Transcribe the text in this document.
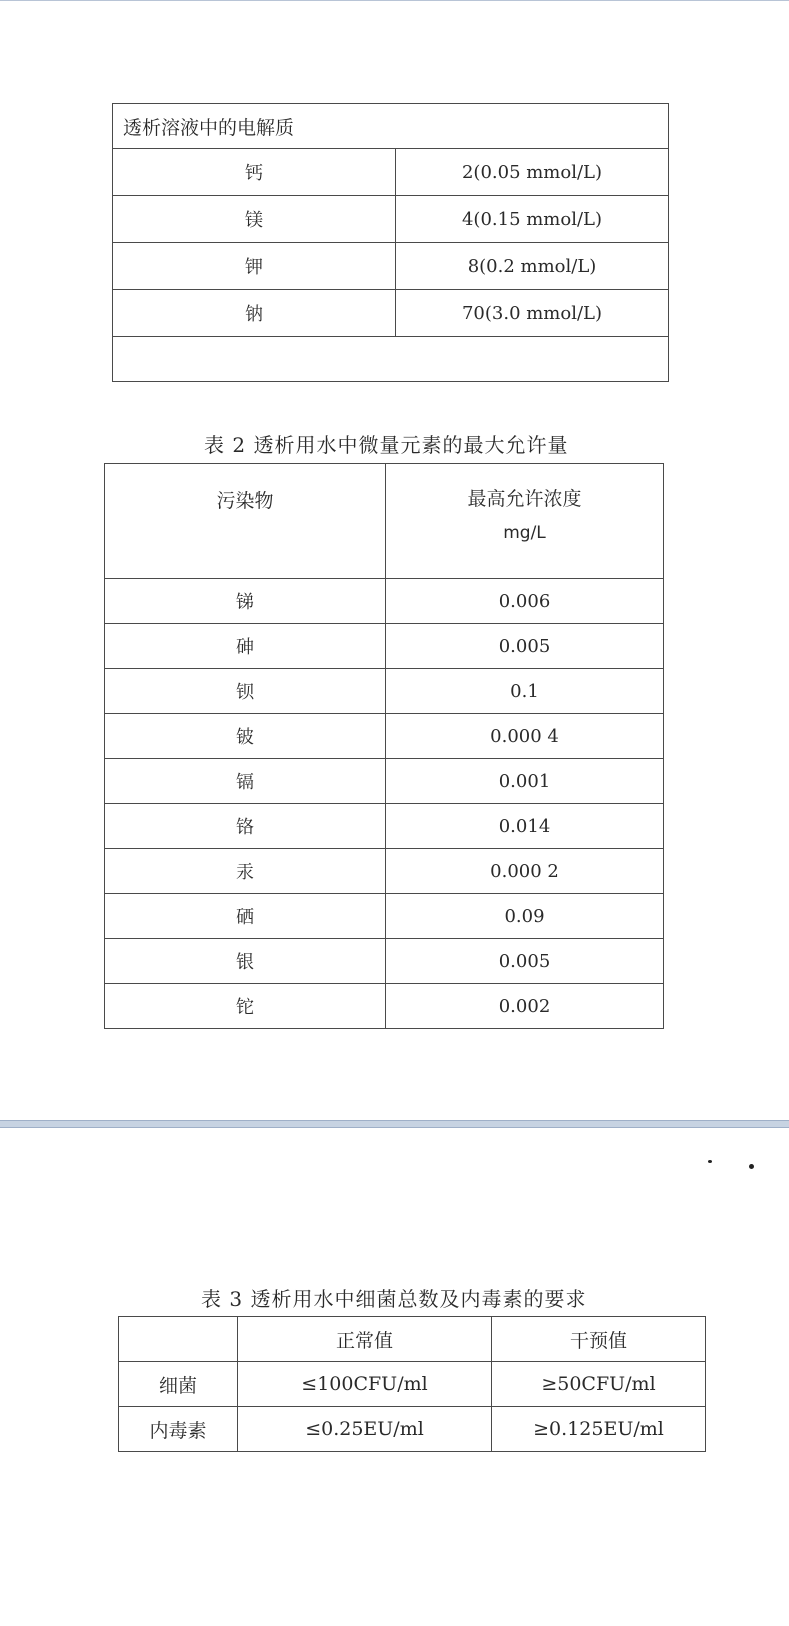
透析溶液中的电解质	
钙	2(0.05 mmol/L)
镁	4(0.15 mmol/L)
钾	8(0.2 mmol/L)
钠	70(3.0 mmol/L)

表 2 透析用水中微量元素的最大允许量
污染物	最高允许浓度
mg/L

锑	0.006
砷	0.005
钡	0.1
铍	0.000 4
镉	0.001
铬	0.014
汞	0.000 2
硒	0.09
银	0.005
铊	0.002
表 3 透析用水中细菌总数及内毒素的要求
	正常值	干预值
细菌	≤100CFU/ml	≥50CFU/ml
内毒素	≤0.25EU/ml	≥0.125EU/ml
